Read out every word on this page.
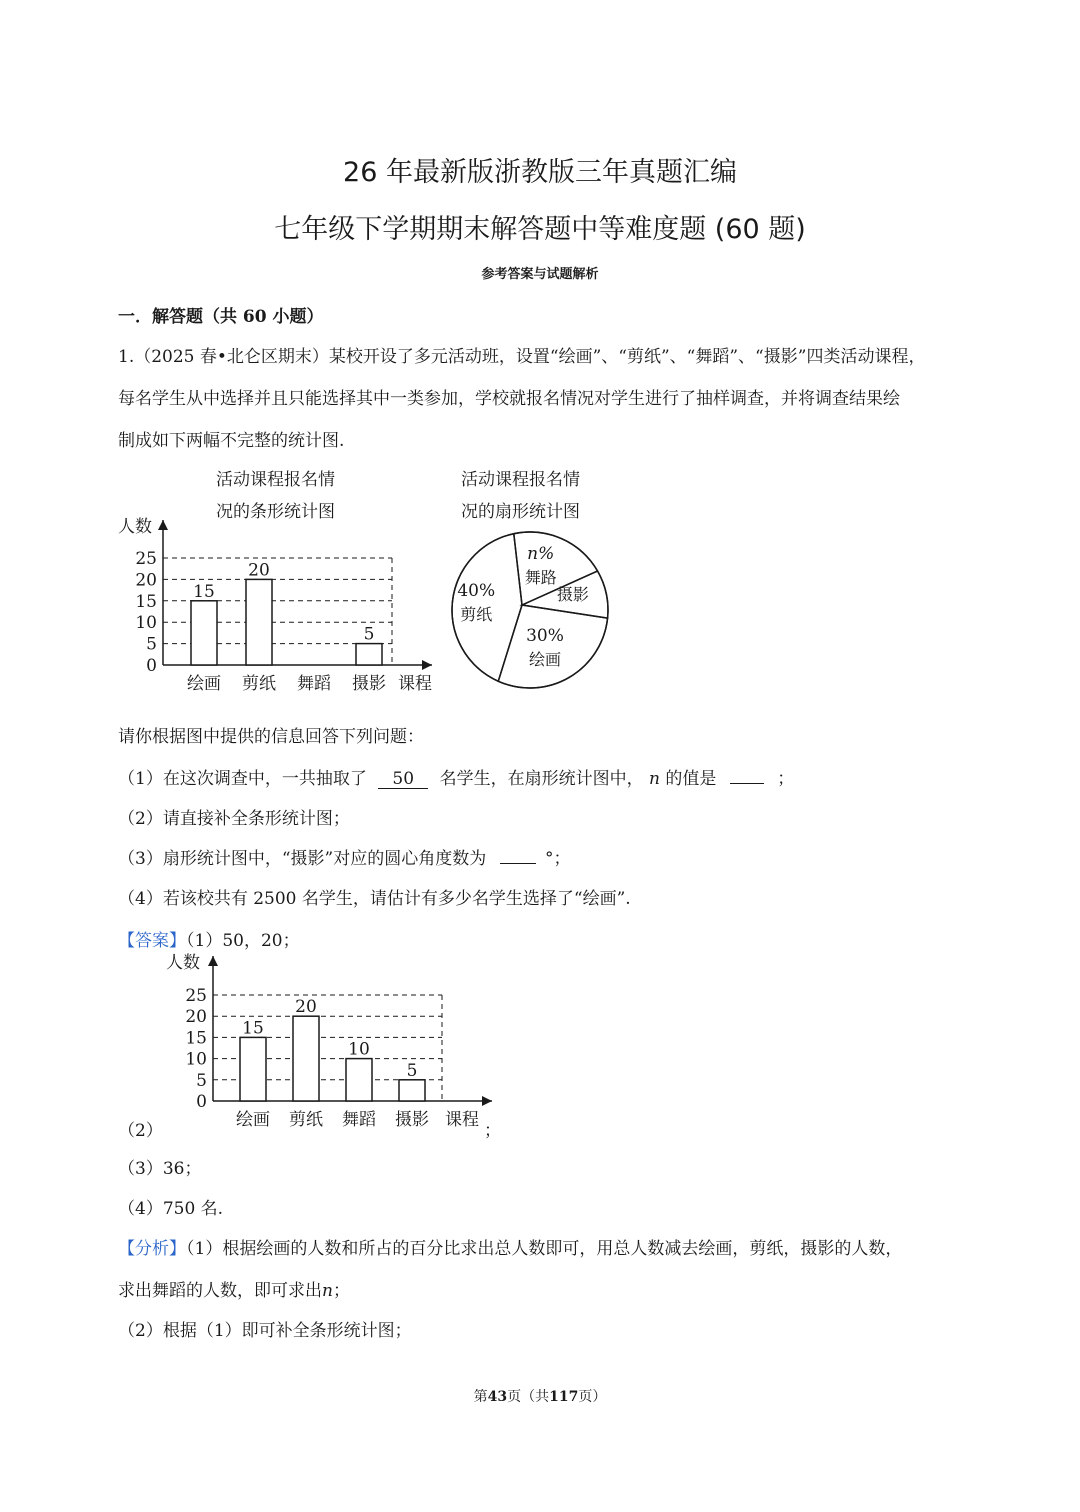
26 年最新版浙教版三年真题汇编
七年级下学期期末解答题中等难度题 (60 题)
参考答案与试题解析
一．解答题（共 60 小题）
1.（2025 春•北仑区期末）某校开设了多元活动班，设置“绘画”、“剪纸”、“舞蹈”、“摄影”四类活动课程，
每名学生从中选择并且只能选择其中一类参加，学校就报名情况对学生进行了抽样调查，并将调查结果绘
制成如下两幅不完整的统计图.
活动课程报名情
况的条形统计图
活动课程报名情
况的扇形统计图
人数
课程
0
5
10
15
20
25
15
绘画
20
剪纸 舞蹈
5
摄影
40%
剪纸
30%
绘画
摄影
n%
舞路
请你根据图中提供的信息回答下列问题：
（1）在这次调查中，一共抽取了 50 名学生，在扇形统计图中， n 的值是	；
（2）请直接补全条形统计图；
（3）扇形统计图中，“摄影”对应的圆心角度数为	°；
（4）若该校共有 2500 名学生，请估计有多少名学生选择了“绘画”.
【答案】（1）50，20；
人数
课程
0
5
10
15
20
25
15
绘画
20
剪纸
10
舞蹈
5
摄影
（2）	；
（3）36；
（4）750 名.
【分析】（1）根据绘画的人数和所占的百分比求出总人数即可，用总人数减去绘画，剪纸，摄影的人数，
求出舞蹈的人数，即可求出n；
（2）根据（1）即可补全条形统计图；
第43页（共117页）
